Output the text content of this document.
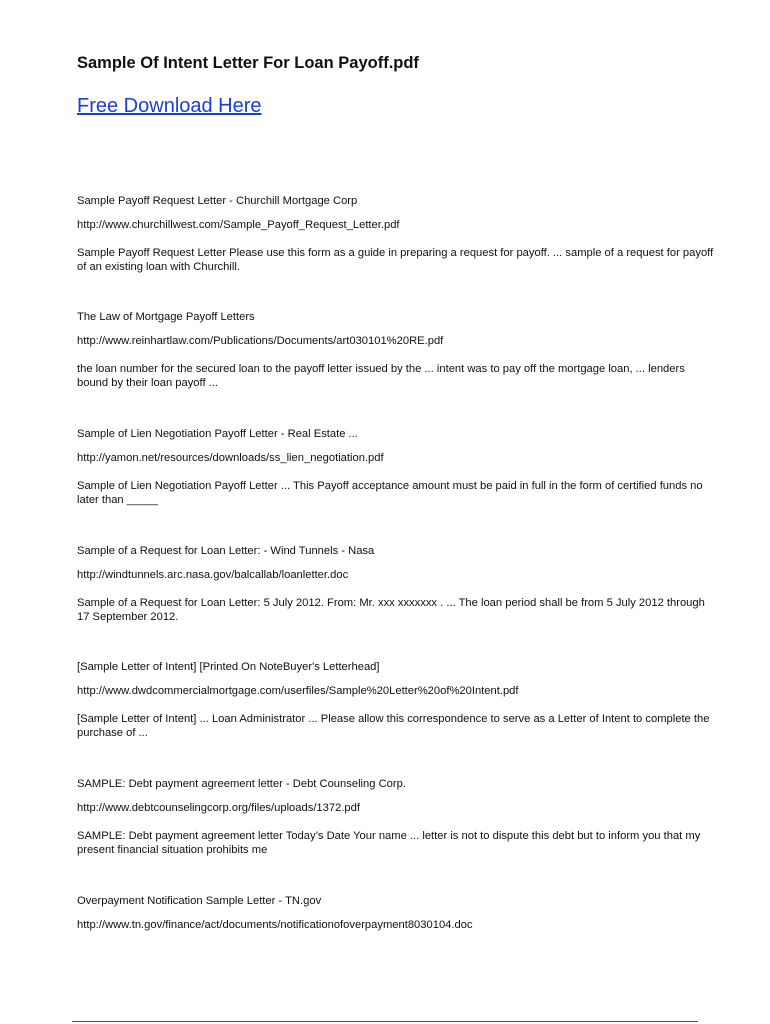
Sample Of Intent Letter For Loan Payoff.pdf
Free Download Here

Sample Payoff Request Letter - Churchill Mortgage Corp

http://www.churchillwest.com/Sample_Payoff_Request_Letter.pdf

Sample Payoff Request Letter Please use this form as a guide in preparing a request for payoff. ... sample of a request for payoff of an existing loan with Churchill.

The Law of Mortgage Payoff Letters

http://www.reinhartlaw.com/Publications/Documents/art030101%20RE.pdf

the loan number for the secured loan to the payoff letter issued by the ... intent was to pay off the mortgage loan, ... lenders bound by their loan payoff ...

Sample of Lien Negotiation Payoff Letter - Real Estate ...

http://yamon.net/resources/downloads/ss_lien_negotiation.pdf

Sample of Lien Negotiation Payoff Letter ... This Payoff acceptance amount must be paid in full in the form of certified funds no later than _____

Sample of a Request for Loan Letter: - Wind Tunnels - Nasa

http://windtunnels.arc.nasa.gov/balcallab/loanletter.doc

Sample of a Request for Loan Letter: 5 July 2012. From: Mr. xxx xxxxxxx . ... The loan period shall be from 5 July 2012 through 17 September 2012.

[Sample Letter of Intent] [Printed On NoteBuyer's Letterhead]

http://www.dwdcommercialmortgage.com/userfiles/Sample%20Letter%20of%20Intent.pdf

[Sample Letter of Intent] ... Loan Administrator ... Please allow this correspondence to serve as a Letter of Intent to complete the purchase of ...

SAMPLE: Debt payment agreement letter - Debt Counseling Corp.

http://www.debtcounselingcorp.org/files/uploads/1372.pdf

SAMPLE: Debt payment agreement letter Today’s Date Your name ... letter is not to dispute this debt but to inform you that my present financial situation prohibits me

Overpayment Notification Sample Letter - TN.gov

http://www.tn.gov/finance/act/documents/notificationofoverpayment8030104.doc
